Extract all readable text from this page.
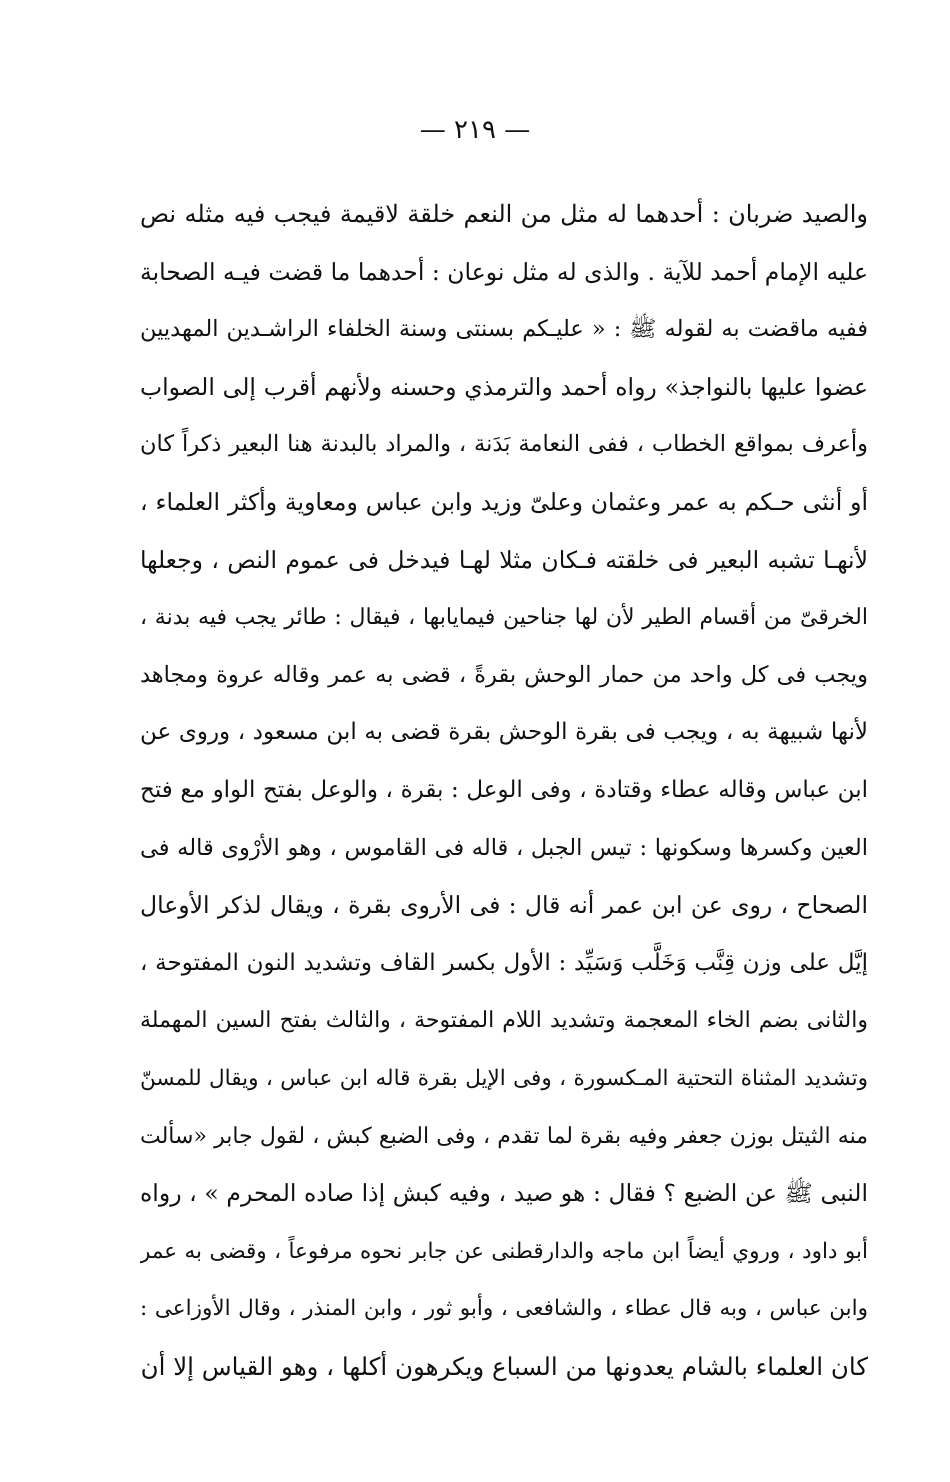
— ٢١٩ —
والصيد ضربان : أحدهما له مثل من النعم خلقة لاقيمة فيجب فيه مثله نص
عليه الإمام أحمد للآية . والذى له مثل نوعان : أحدهما ما قضت فيـه الصحابة
ففيه ماقضت به لقوله ﷺ : « عليـكم بسنتى وسنة الخلفاء الراشـدين المهديين
عضوا عليها بالنواجذ» رواه أحمد والترمذي وحسنه ولأنهم أقرب إلى الصواب
وأعرف بمواقع الخطاب ، ففى النعامة بَدَنة ، والمراد بالبدنة هنا البعير ذكراً كان
أو أنثى حـكم به عمر وعثمان وعلىّ وزيد وابن عباس ومعاوية وأكثر العلماء ،
لأنهـا تشبه البعير فى خلقته فـكان مثلا لهـا فيدخل فى عموم النص ، وجعلها
الخرقىّ من أقسام الطير لأن لها جناحين فيمايابها ، فيقال : طائر يجب فيه بدنة ،
ويجب فى كل واحد من حمار الوحش بقرةً ، قضى به عمر وقاله عروة ومجاهد
لأنها شبيهة به ، ويجب فى بقرة الوحش بقرة قضى به ابن مسعود ، وروى عن
ابن عباس وقاله عطاء وقتادة ، وفى الوعل : بقرة ، والوعل بفتح الواو مع فتح
العين وكسرها وسكونها : تيس الجبل ، قاله فى القاموس ، وهو الأرْوى قاله فى
الصحاح ، روى عن ابن عمر أنه قال : فى الأروى بقرة ، ويقال لذكر الأوعال
إيَّل على وزن قِنَّب وَخَلَّب وَسَيِّد : الأول بكسر القاف وتشديد النون المفتوحة ،
والثانى بضم الخاء المعجمة وتشديد اللام المفتوحة ، والثالث بفتح السين المهملة
وتشديد المثناة التحتية المـكسورة ، وفى الإيل بقرة قاله ابن عباس ، ويقال للمسنّ
منه الثيتل بوزن جعفر وفيه بقرة لما تقدم ، وفى الضبع كبش ، لقول جابر «سألت
النبى ﷺ عن الضبع ؟ فقال : هو صيد ، وفيه كبش إذا صاده المحرم » ، رواه
أبو داود ، وروي أيضاً ابن ماجه والدارقطنى عن جابر نحوه مرفوعاً ، وقضى به عمر
وابن عباس ، وبه قال عطاء ، والشافعى ، وأبو ثور ، وابن المنذر ، وقال الأوزاعى :
كان العلماء بالشام يعدونها من السباع ويكرهون أكلها ، وهو القياس إلا أن
